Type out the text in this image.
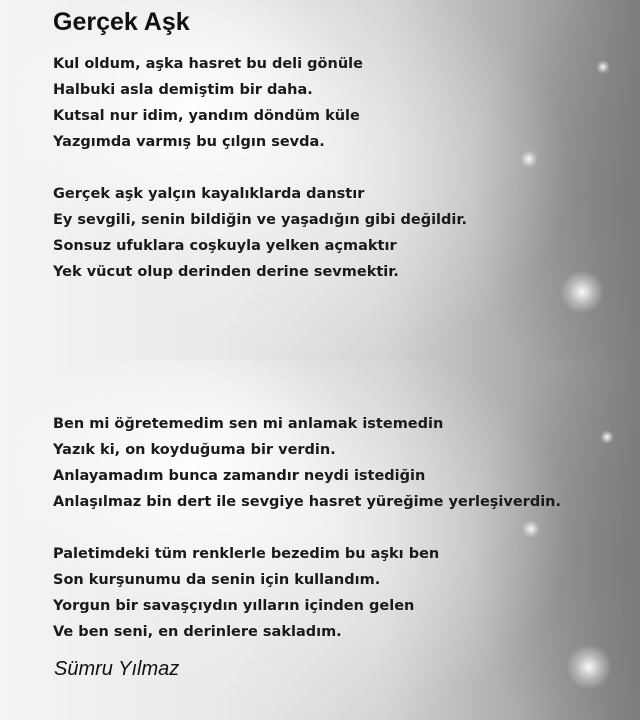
Gerçek Aşk
Kul oldum, aşka hasret bu deli gönüle
Halbuki asla demiştim bir daha.
Kutsal nur idim, yandım döndüm küle
Yazgımda varmış bu çılgın sevda.
Gerçek aşk yalçın kayalıklarda danstır
Ey sevgili, senin bildiğin ve yaşadığın gibi değildir.
Sonsuz ufuklara coşkuyla yelken açmaktır
Yek vücut olup derinden derine sevmektir.
Ben mi öğretemedim sen mi anlamak istemedin
Yazık ki, on koyduğuma bir verdin.
Anlayamadım bunca zamandır neydi istediğin
Anlaşılmaz bin dert ile sevgiye hasret yüreğime yerleşiverdin.
Paletimdeki tüm renklerle bezedim bu aşkı ben
Son kurşunumu da senin için kullandım.
Yorgun bir savaşçıydın yılların içinden gelen
Ve ben seni, en derinlere sakladım.

Sümru Yılmaz
